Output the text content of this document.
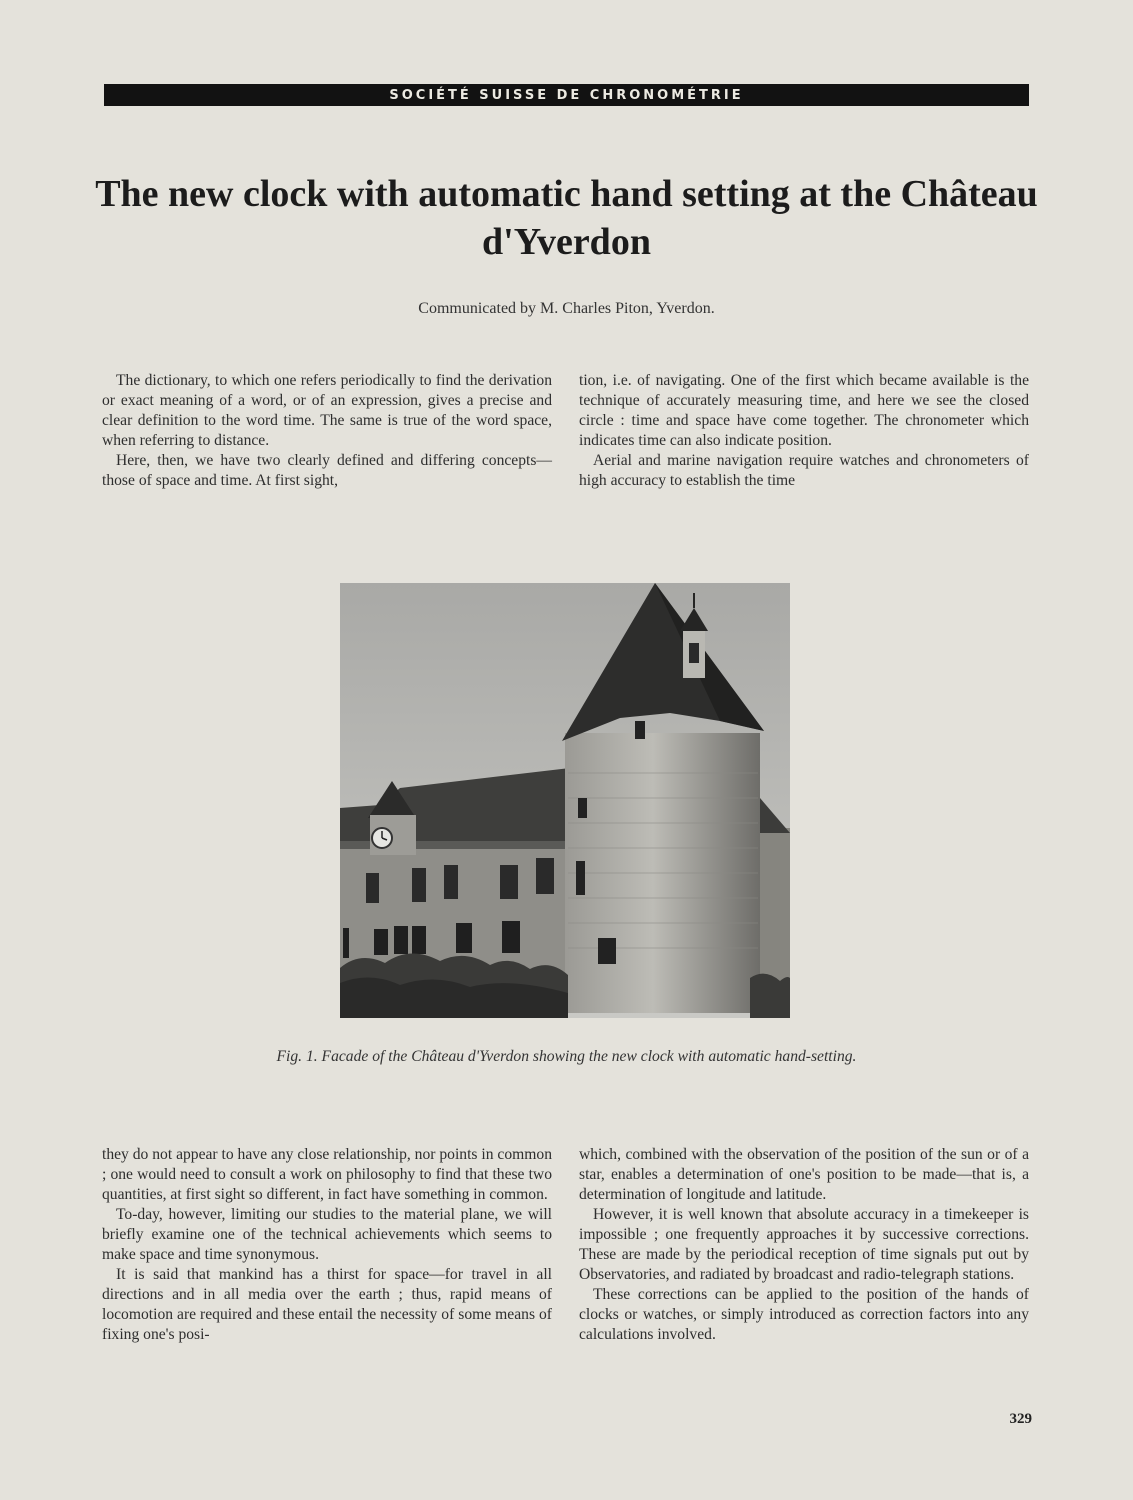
SOCIÉTÉ SUISSE DE CHRONOMÉTRIE
The new clock with automatic hand setting at the Château d'Yverdon
Communicated by M. Charles Piton, Yverdon.

The dictionary, to which one refers periodically to find the derivation or exact meaning of a word, or of an expression, gives a precise and clear definition to the word time. The same is true of the word space, when referring to distance.

Here, then, we have two clearly defined and differing concepts—those of space and time. At first sight,

tion, i.e. of navigating. One of the first which became available is the technique of accurately measuring time, and here we see the closed circle : time and space have come together. The chronometer which indicates time can also indicate position.

Aerial and marine navigation require watches and chronometers of high accuracy to establish the time

Fig. 1. Facade of the Château d'Yverdon showing the new clock with automatic hand-setting.

they do not appear to have any close relationship, nor points in common ; one would need to consult a work on philosophy to find that these two quantities, at first sight so different, in fact have something in common.

To-day, however, limiting our studies to the material plane, we will briefly examine one of the technical achievements which seems to make space and time synonymous.

It is said that mankind has a thirst for space—for travel in all directions and in all media over the earth ; thus, rapid means of locomotion are required and these entail the necessity of some means of fixing one's posi-

which, combined with the observation of the position of the sun or of a star, enables a determination of one's position to be made—that is, a determination of longitude and latitude.

However, it is well known that absolute accuracy in a timekeeper is impossible ; one frequently approaches it by successive corrections. These are made by the periodical reception of time signals put out by Observatories, and radiated by broadcast and radio-telegraph stations.

These corrections can be applied to the position of the hands of clocks or watches, or simply introduced as correction factors into any calculations involved.

329
